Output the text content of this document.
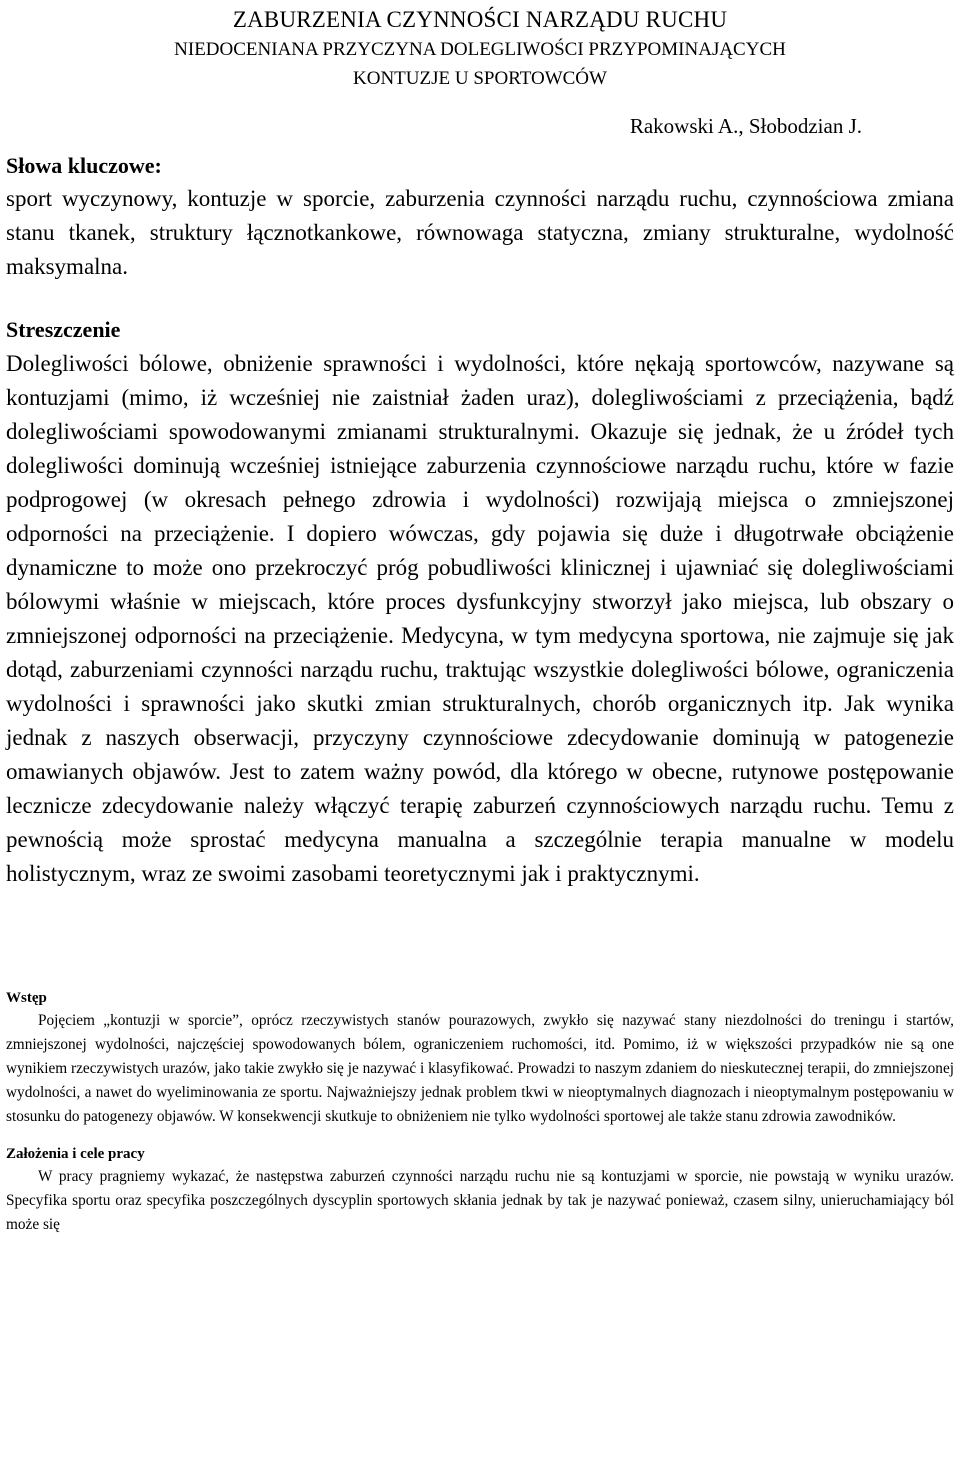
ZABURZENIA CZYNNOŚCI NARZĄDU RUCHU
NIEDOCENIANA PRZYCZYNA DOLEGLIWOŚCI PRZYPOMINAJĄCYCH
KONTUZJE U SPORTOWCÓW
Rakowski A., Słobodzian J.
Słowa kluczowe:

sport wyczynowy, kontuzje w sporcie, zaburzenia czynności narządu ruchu, czynnościowa zmiana stanu tkanek, struktury łącznotkankowe, równowaga statyczna, zmiany strukturalne, wydolność maksymalna.

Streszczenie

Dolegliwości bólowe, obniżenie sprawności i wydolności, które nękają sportowców, nazywane są kontuzjami (mimo, iż wcześniej nie zaistniał żaden uraz), dolegliwościami z przeciążenia, bądź dolegliwościami spowodowanymi zmianami strukturalnymi. Okazuje się jednak, że u źródeł tych dolegliwości dominują wcześniej istniejące zaburzenia czynnościowe narządu ruchu, które w fazie podprogowej (w okresach pełnego zdrowia i wydolności) rozwijają miejsca o zmniejszonej odporności na przeciążenie. I dopiero wówczas, gdy pojawia się duże i długotrwałe obciążenie dynamiczne to może ono przekroczyć próg pobudliwości klinicznej i ujawniać się dolegliwościami bólowymi właśnie w miejscach, które proces dysfunkcyjny stworzył jako miejsca, lub obszary o zmniejszonej odporności na przeciążenie. Medycyna, w tym medycyna sportowa, nie zajmuje się jak dotąd, zaburzeniami czynności narządu ruchu, traktując wszystkie dolegliwości bólowe, ograniczenia wydolności i sprawności jako skutki zmian strukturalnych, chorób organicznych itp. Jak wynika jednak z naszych obserwacji, przyczyny czynnościowe zdecydowanie dominują w patogenezie omawianych objawów. Jest to zatem ważny powód, dla którego w obecne, rutynowe postępowanie lecznicze zdecydowanie należy włączyć terapię zaburzeń czynnościowych narządu ruchu. Temu z pewnością może sprostać medycyna manualna a szczególnie terapia manualne w modelu holistycznym, wraz ze swoimi zasobami teoretycznymi jak i praktycznymi.

Wstęp

Pojęciem „kontuzji w sporcie”, oprócz rzeczywistych stanów pourazowych, zwykło się nazywać stany niezdolności do treningu i startów, zmniejszonej wydolności, najczęściej spowodowanych bólem, ograniczeniem ruchomości, itd. Pomimo, iż w większości przypadków nie są one wynikiem rzeczywistych urazów, jako takie zwykło się je nazywać i klasyfikować. Prowadzi to naszym zdaniem do nieskutecznej terapii, do zmniejszonej wydolności, a nawet do wyeliminowania ze sportu. Najważniejszy jednak problem tkwi w nieoptymalnych diagnozach i nieoptymalnym postępowaniu w stosunku do patogenezy objawów. W konsekwencji skutkuje to obniżeniem nie tylko wydolności sportowej ale także stanu zdrowia zawodników.

Założenia i cele pracy

W pracy pragniemy wykazać, że następstwa zaburzeń czynności narządu ruchu nie są kontuzjami w sporcie, nie powstają w wyniku urazów. Specyfika sportu oraz specyfika poszczególnych dyscyplin sportowych skłania jednak by tak je nazywać ponieważ, czasem silny, unieruchamiający ból może się
